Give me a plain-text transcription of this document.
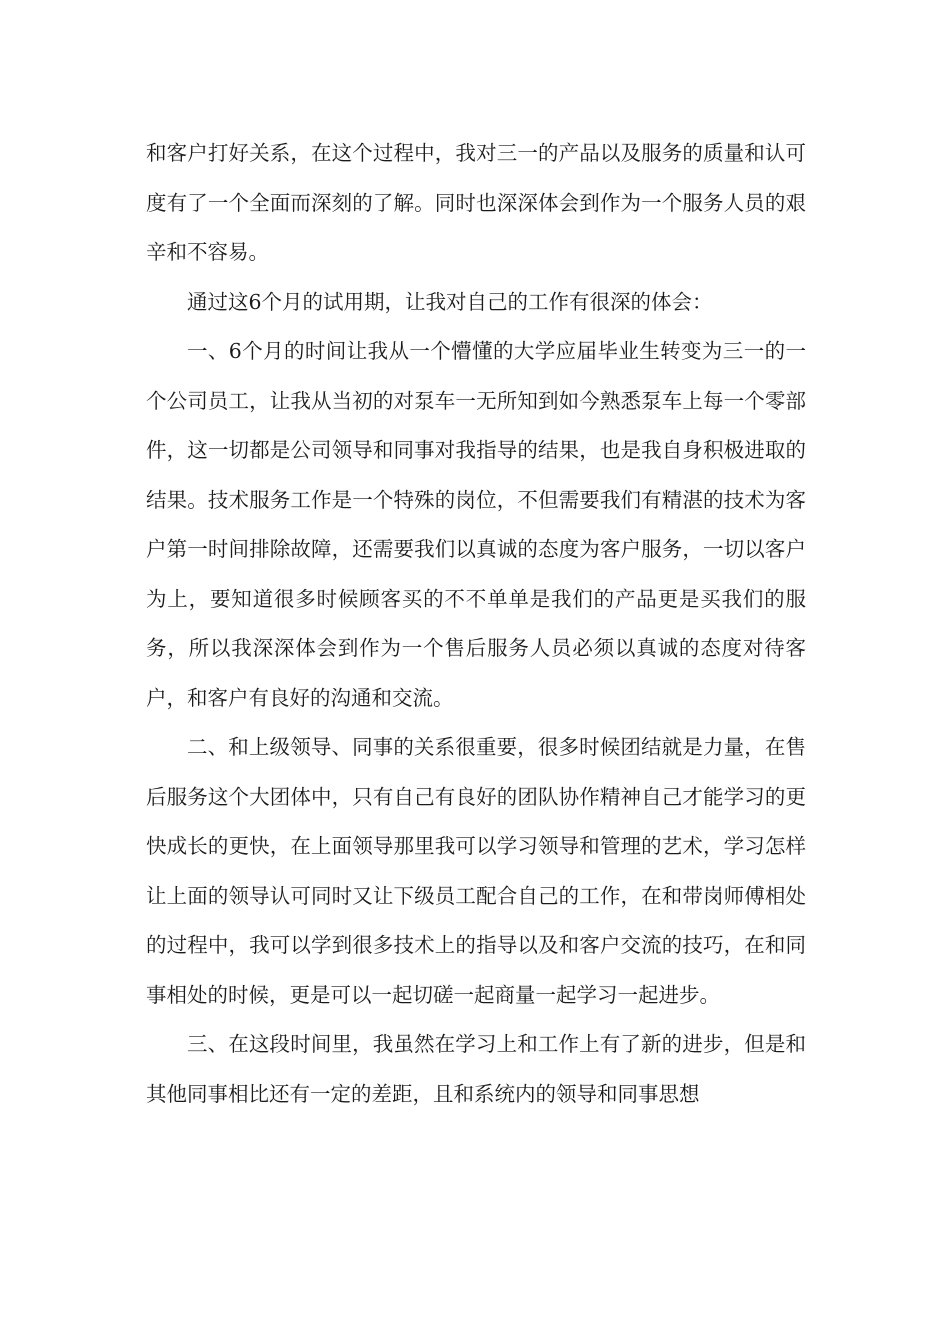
和客户打好关系，在这个过程中，我对三一的产品以及服务的质量和认可度有了一个全面而深刻的了解。同时也深深体会到作为一个服务人员的艰辛和不容易。

通过这6个月的试用期，让我对自己的工作有很深的体会：

一、6个月的时间让我从一个懵懂的大学应届毕业生转变为三一的一个公司员工，让我从当初的对泵车一无所知到如今熟悉泵车上每一个零部件，这一切都是公司领导和同事对我指导的结果，也是我自身积极进取的结果。技术服务工作是一个特殊的岗位，不但需要我们有精湛的技术为客户第一时间排除故障，还需要我们以真诚的态度为客户服务，一切以客户为上，要知道很多时候顾客买的不不单单是我们的产品更是买我们的服务，所以我深深体会到作为一个售后服务人员必须以真诚的态度对待客户，和客户有良好的沟通和交流。

二、和上级领导、同事的关系很重要，很多时候团结就是力量，在售后服务这个大团体中，只有自己有良好的团队协作精神自己才能学习的更快成长的更快，在上面领导那里我可以学习领导和管理的艺术，学习怎样让上面的领导认可同时又让下级员工配合自己的工作，在和带岗师傅相处的过程中，我可以学到很多技术上的指导以及和客户交流的技巧，在和同事相处的时候，更是可以一起切磋一起商量一起学习一起进步。

三、在这段时间里，我虽然在学习上和工作上有了新的进步，但是和其他同事相比还有一定的差距，且和系统内的领导和同事思想
